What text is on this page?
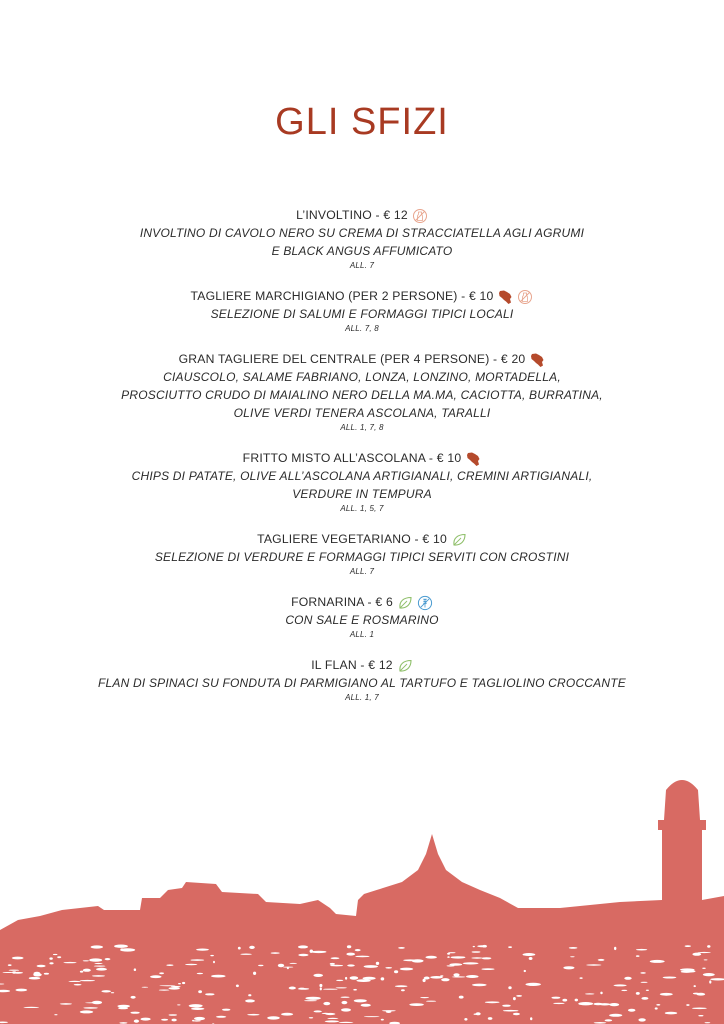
GLI SFIZI
L’INVOLTINO - € 12
INVOLTINO DI CAVOLO NERO SU CREMA DI STRACCIATELLA AGLI AGRUMI
E BLACK ANGUS AFFUMICATO
ALL. 7
TAGLIERE MARCHIGIANO (PER 2 PERSONE) - € 10
SELEZIONE DI SALUMI E FORMAGGI TIPICI LOCALI
ALL. 7, 8
GRAN TAGLIERE DEL CENTRALE (PER 4 PERSONE) - € 20
CIAUSCOLO, SALAME FABRIANO, LONZA, LONZINO, MORTADELLA,
PROSCIUTTO CRUDO DI MAIALINO NERO DELLA MA.MA, CACIOTTA, BURRATINA,
OLIVE VERDI TENERA ASCOLANA, TARALLI
ALL. 1, 7, 8
FRITTO MISTO ALL’ASCOLANA - € 10
CHIPS DI PATATE, OLIVE ALL’ASCOLANA ARTIGIANALI, CREMINI ARTIGIANALI,
VERDURE IN TEMPURA
ALL. 1, 5, 7
TAGLIERE VEGETARIANO - € 10
SELEZIONE DI VERDURE E FORMAGGI TIPICI SERVITI CON CROSTINI
ALL. 7
FORNARINA - € 6
CON SALE E ROSMARINO
ALL. 1
IL FLAN - € 12
FLAN DI SPINACI SU FONDUTA DI PARMIGIANO AL TARTUFO E TAGLIOLINO CROCCANTE
ALL. 1, 7
